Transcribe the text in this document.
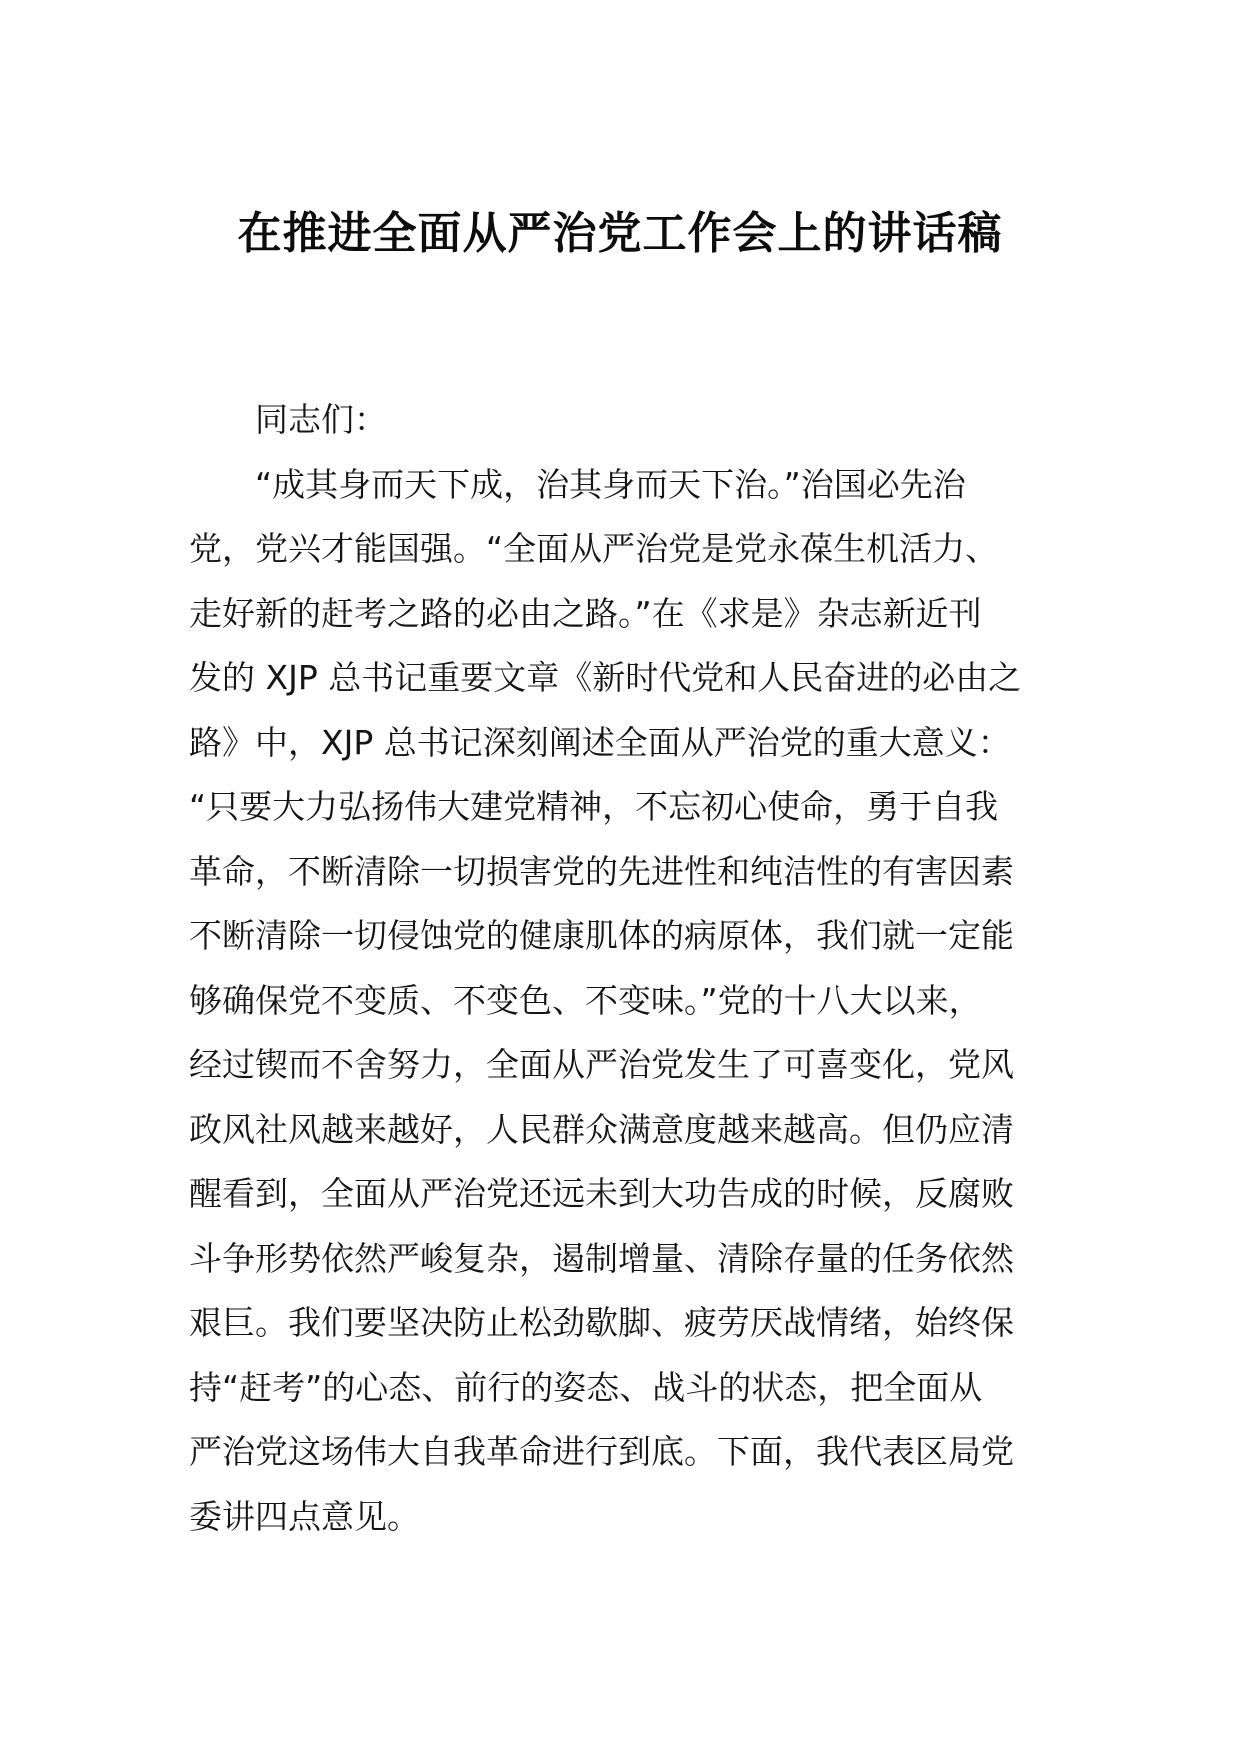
在推进全面从严治党工作会上的讲话稿

同志们：

“成其身而天下成，治其身而天下治。”治国必先治
党，党兴才能国强。“全面从严治党是党永葆生机活力、
走好新的赶考之路的必由之路。”在《求是》杂志新近刊
发的 XJP 总书记重要文章《新时代党和人民奋进的必由之
路》中，XJP 总书记深刻阐述全面从严治党的重大意义：
“只要大力弘扬伟大建党精神，不忘初心使命，勇于自我
革命，不断清除一切损害党的先进性和纯洁性的有害因素
不断清除一切侵蚀党的健康肌体的病原体，我们就一定能
够确保党不变质、不变色、不变味。”党的十八大以来，
经过锲而不舍努力，全面从严治党发生了可喜变化，党风
政风社风越来越好，人民群众满意度越来越高。但仍应清
醒看到，全面从严治党还远未到大功告成的时候，反腐败
斗争形势依然严峻复杂，遏制增量、清除存量的任务依然
艰巨。我们要坚决防止松劲歇脚、疲劳厌战情绪，始终保
持“赶考”的心态、前行的姿态、战斗的状态，把全面从
严治党这场伟大自我革命进行到底。下面，我代表区局党
委讲四点意见。
